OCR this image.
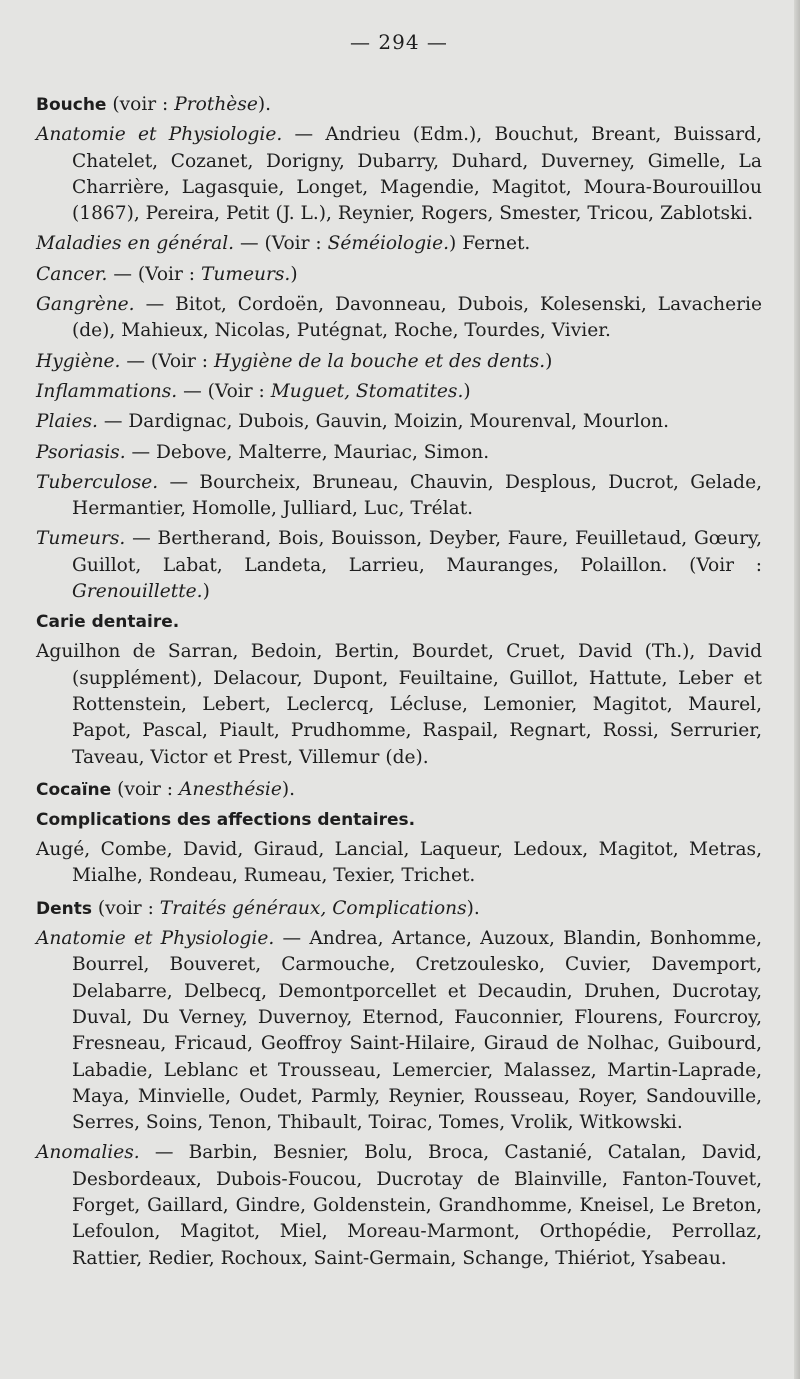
— 294 —

Bouche (voir : Prothèse).

Anatomie et Physiologie. — Andrieu (Edm.), Bouchut, Breant, Buissard, Chatelet, Cozanet, Dorigny, Dubarry, Duhard, Duverney, Gimelle, La Charrière, Lagasquie, Longet, Magendie, Magitot, Moura-Bourouillou (1867), Pereira, Petit (J. L.), Reynier, Rogers, Smester, Tricou, Zablotski.

Maladies en général. — (Voir : Séméiologie.) Fernet.

Cancer. — (Voir : Tumeurs.)

Gangrène. — Bitot, Cordoën, Davonneau, Dubois, Kolesenski, Lavacherie (de), Mahieux, Nicolas, Putégnat, Roche, Tourdes, Vivier.

Hygiène. — (Voir : Hygiène de la bouche et des dents.)

Inflammations. — (Voir : Muguet, Stomatites.)

Plaies. — Dardignac, Dubois, Gauvin, Moizin, Mourenval, Mourlon.

Psoriasis. — Debove, Malterre, Mauriac, Simon.

Tuberculose. — Bourcheix, Bruneau, Chauvin, Desplous, Ducrot, Gelade, Hermantier, Homolle, Julliard, Luc, Trélat.

Tumeurs. — Bertherand, Bois, Bouisson, Deyber, Faure, Feuilletaud, Gœury, Guillot, Labat, Landeta, Larrieu, Mauranges, Polaillon. (Voir : Grenouillette.)

Carie dentaire.

Aguilhon de Sarran, Bedoin, Bertin, Bourdet, Cruet, David (Th.), David (supplément), Delacour, Dupont, Feuiltaine, Guillot, Hattute, Leber et Rottenstein, Lebert, Leclercq, Lécluse, Lemonier, Magitot, Maurel, Papot, Pascal, Piault, Prudhomme, Raspail, Regnart, Rossi, Serrurier, Taveau, Victor et Prest, Villemur (de).

Cocaïne (voir : Anesthésie).

Complications des affections dentaires.

Augé, Combe, David, Giraud, Lancial, Laqueur, Ledoux, Magitot, Metras, Mialhe, Rondeau, Rumeau, Texier, Trichet.

Dents (voir : Traités généraux, Complications).

Anatomie et Physiologie. — Andrea, Artance, Auzoux, Blandin, Bonhomme, Bourrel, Bouveret, Carmouche, Cretzoulesko, Cuvier, Davemport, Delabarre, Delbecq, Demontporcellet et Decaudin, Druhen, Ducrotay, Duval, Du Verney, Duvernoy, Eternod, Fauconnier, Flourens, Fourcroy, Fresneau, Fricaud, Geoffroy Saint-Hilaire, Giraud de Nolhac, Guibourd, Labadie, Leblanc et Trousseau, Lemercier, Malassez, Martin-Laprade, Maya, Minvielle, Oudet, Parmly, Reynier, Rousseau, Royer, Sandouville, Serres, Soins, Tenon, Thibault, Toirac, Tomes, Vrolik, Witkowski.

Anomalies. — Barbin, Besnier, Bolu, Broca, Castanié, Catalan, David, Desbordeaux, Dubois-Foucou, Ducrotay de Blainville, Fanton-Touvet, Forget, Gaillard, Gindre, Goldenstein, Grandhomme, Kneisel, Le Breton, Lefoulon, Magitot, Miel, Moreau-Marmont, Orthopédie, Perrollaz, Rattier, Redier, Rochoux, Saint-Germain, Schange, Thiériot, Ysabeau.
